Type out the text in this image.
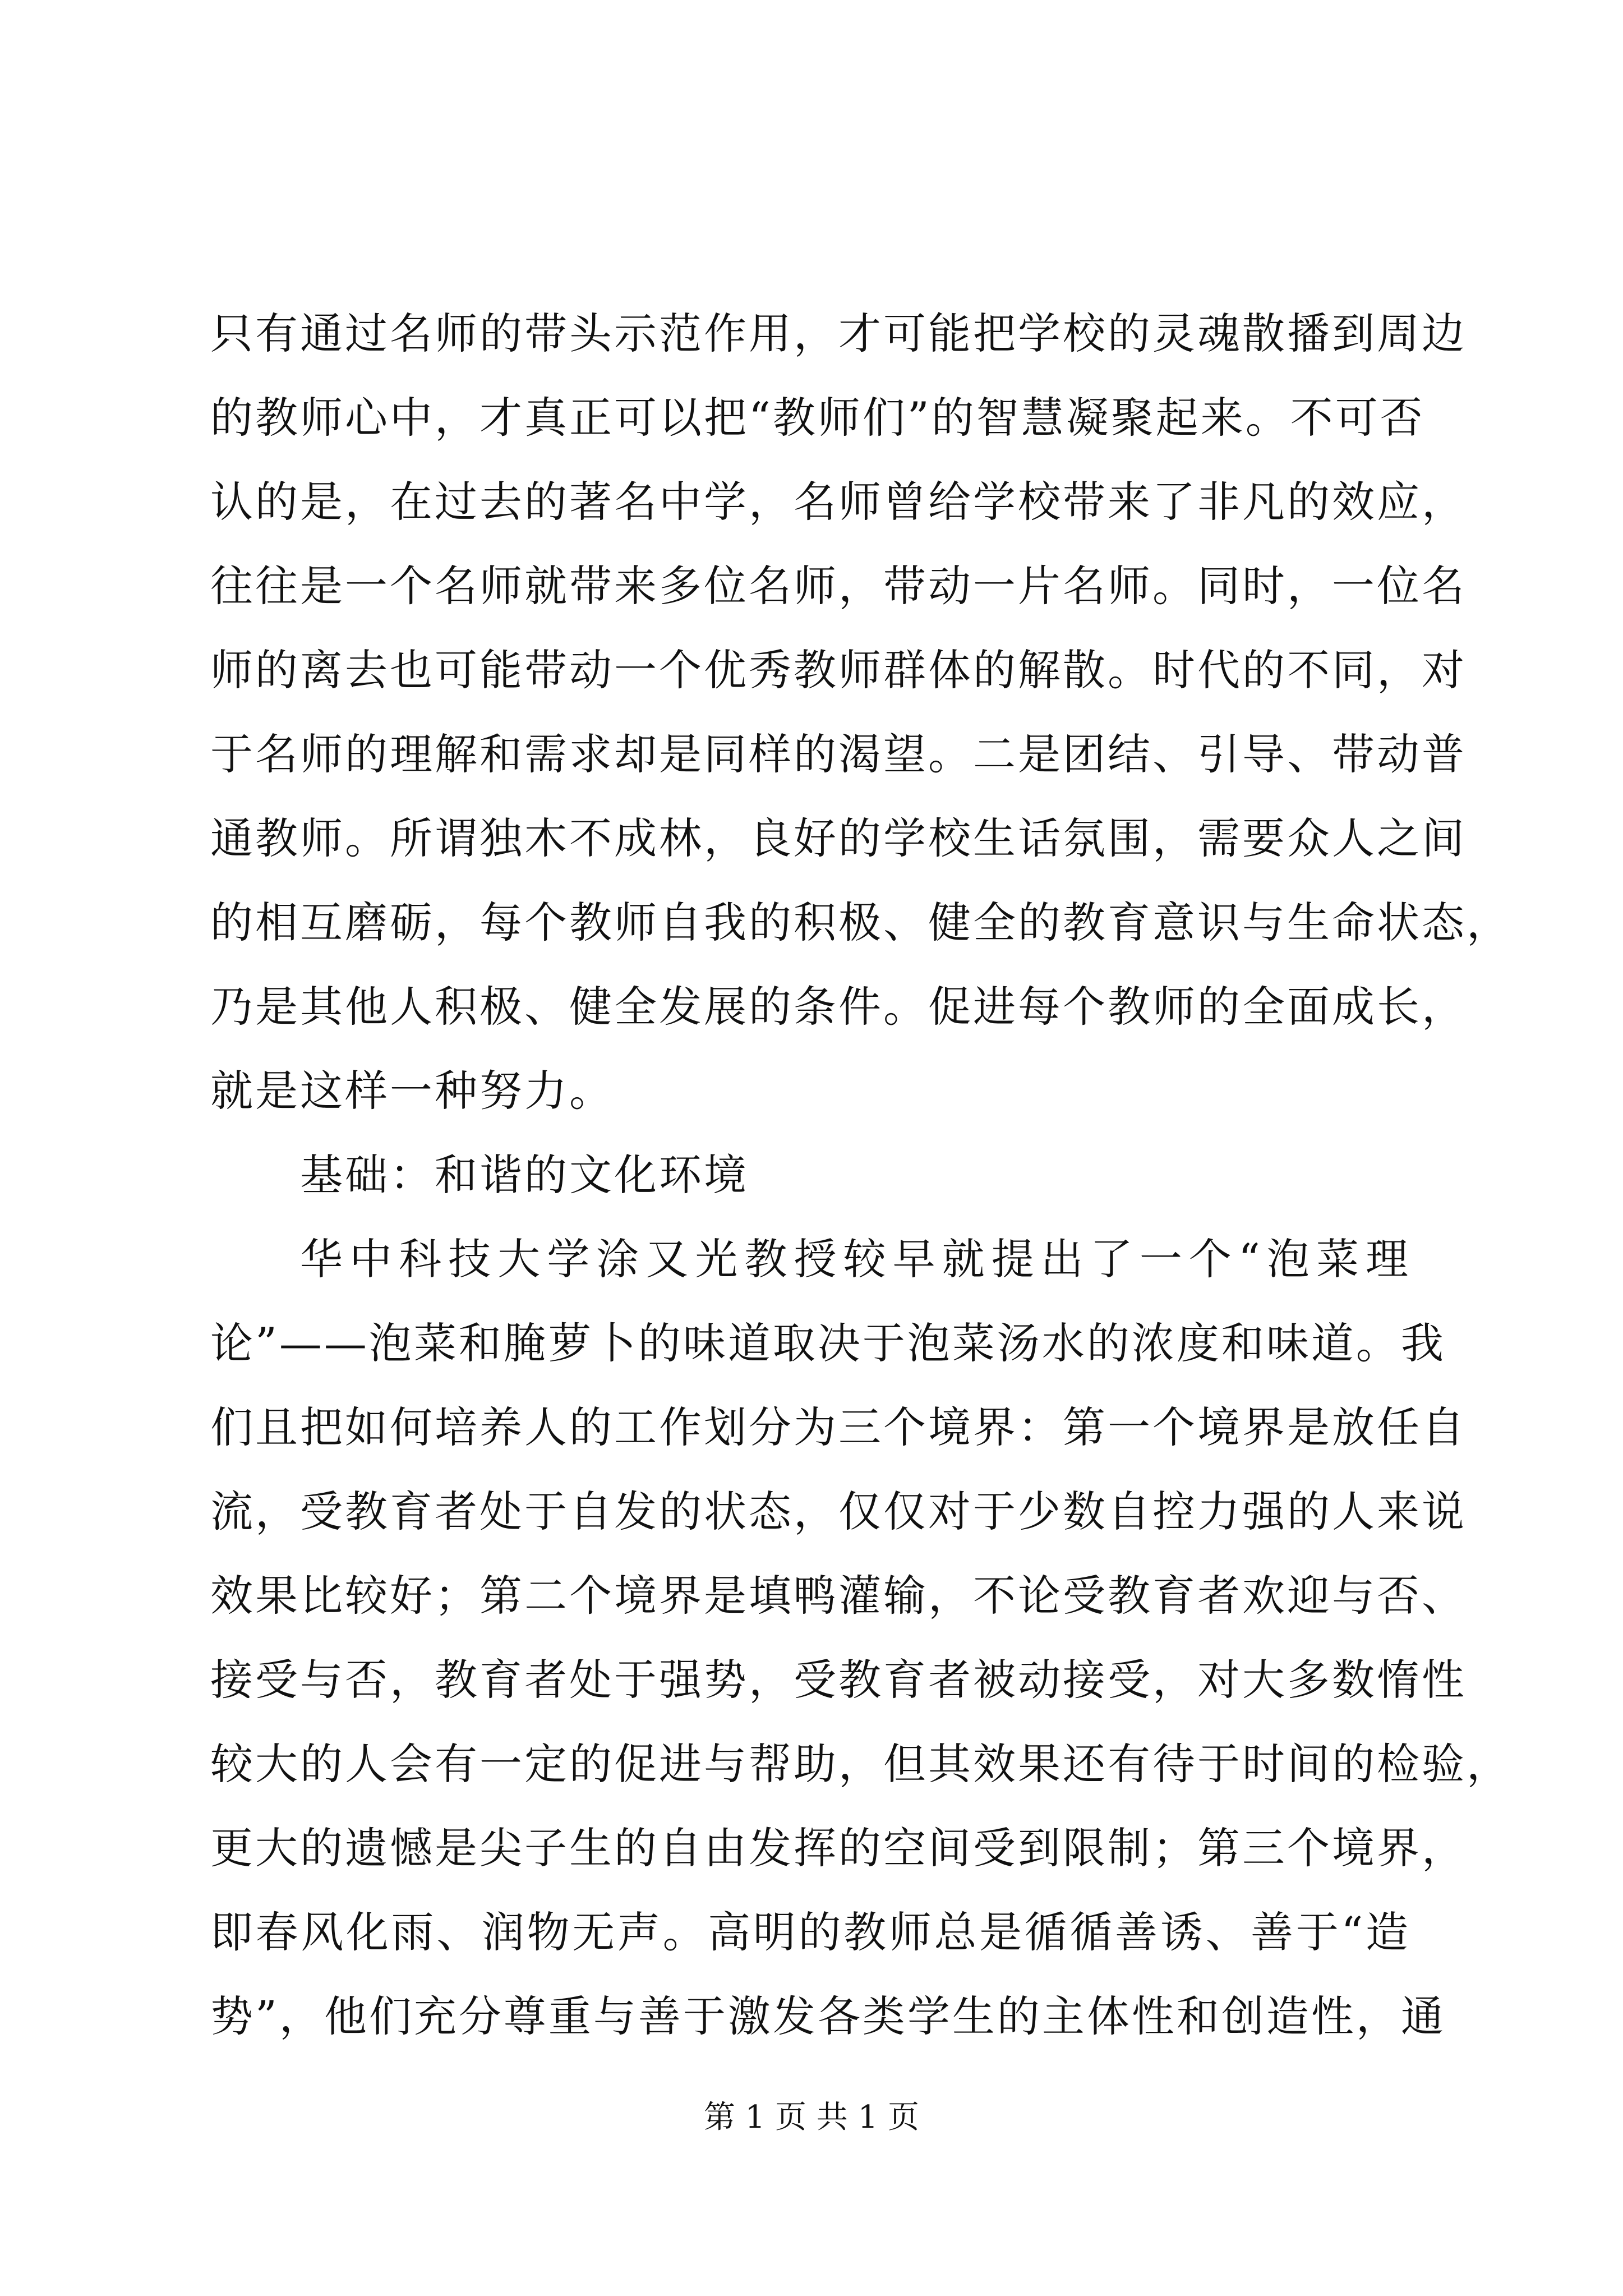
只有通过名师的带头示范作用，才可能把学校的灵魂散播到周边
的教师心中，才真正可以把“教师们”的智慧凝聚起来。不可否
认的是，在过去的著名中学，名师曾给学校带来了非凡的效应，
往往是一个名师就带来多位名师，带动一片名师。同时，一位名
师的离去也可能带动一个优秀教师群体的解散。时代的不同，对
于名师的理解和需求却是同样的渴望。二是团结、引导、带动普
通教师。所谓独木不成林，良好的学校生话氛围，需要众人之间
的相互磨砺，每个教师自我的积极、健全的教育意识与生命状态，
乃是其他人积极、健全发展的条件。促进每个教师的全面成长，
就是这样一种努力。
基础：和谐的文化环境
华中科技大学涂又光教授较早就提出了一个“泡菜理
论”——泡菜和腌萝卜的味道取决于泡菜汤水的浓度和味道。我
们且把如何培养人的工作划分为三个境界：第一个境界是放任自
流，受教育者处于自发的状态，仅仅对于少数自控力强的人来说
效果比较好；第二个境界是填鸭灌输，不论受教育者欢迎与否、
接受与否，教育者处于强势，受教育者被动接受，对大多数惰性
较大的人会有一定的促进与帮助，但其效果还有待于时间的检验，
更大的遗憾是尖子生的自由发挥的空间受到限制；第三个境界，
即春风化雨、润物无声。高明的教师总是循循善诱、善于“造
势”，他们充分尊重与善于激发各类学生的主体性和创造性，通
第 1 页 共 1 页
